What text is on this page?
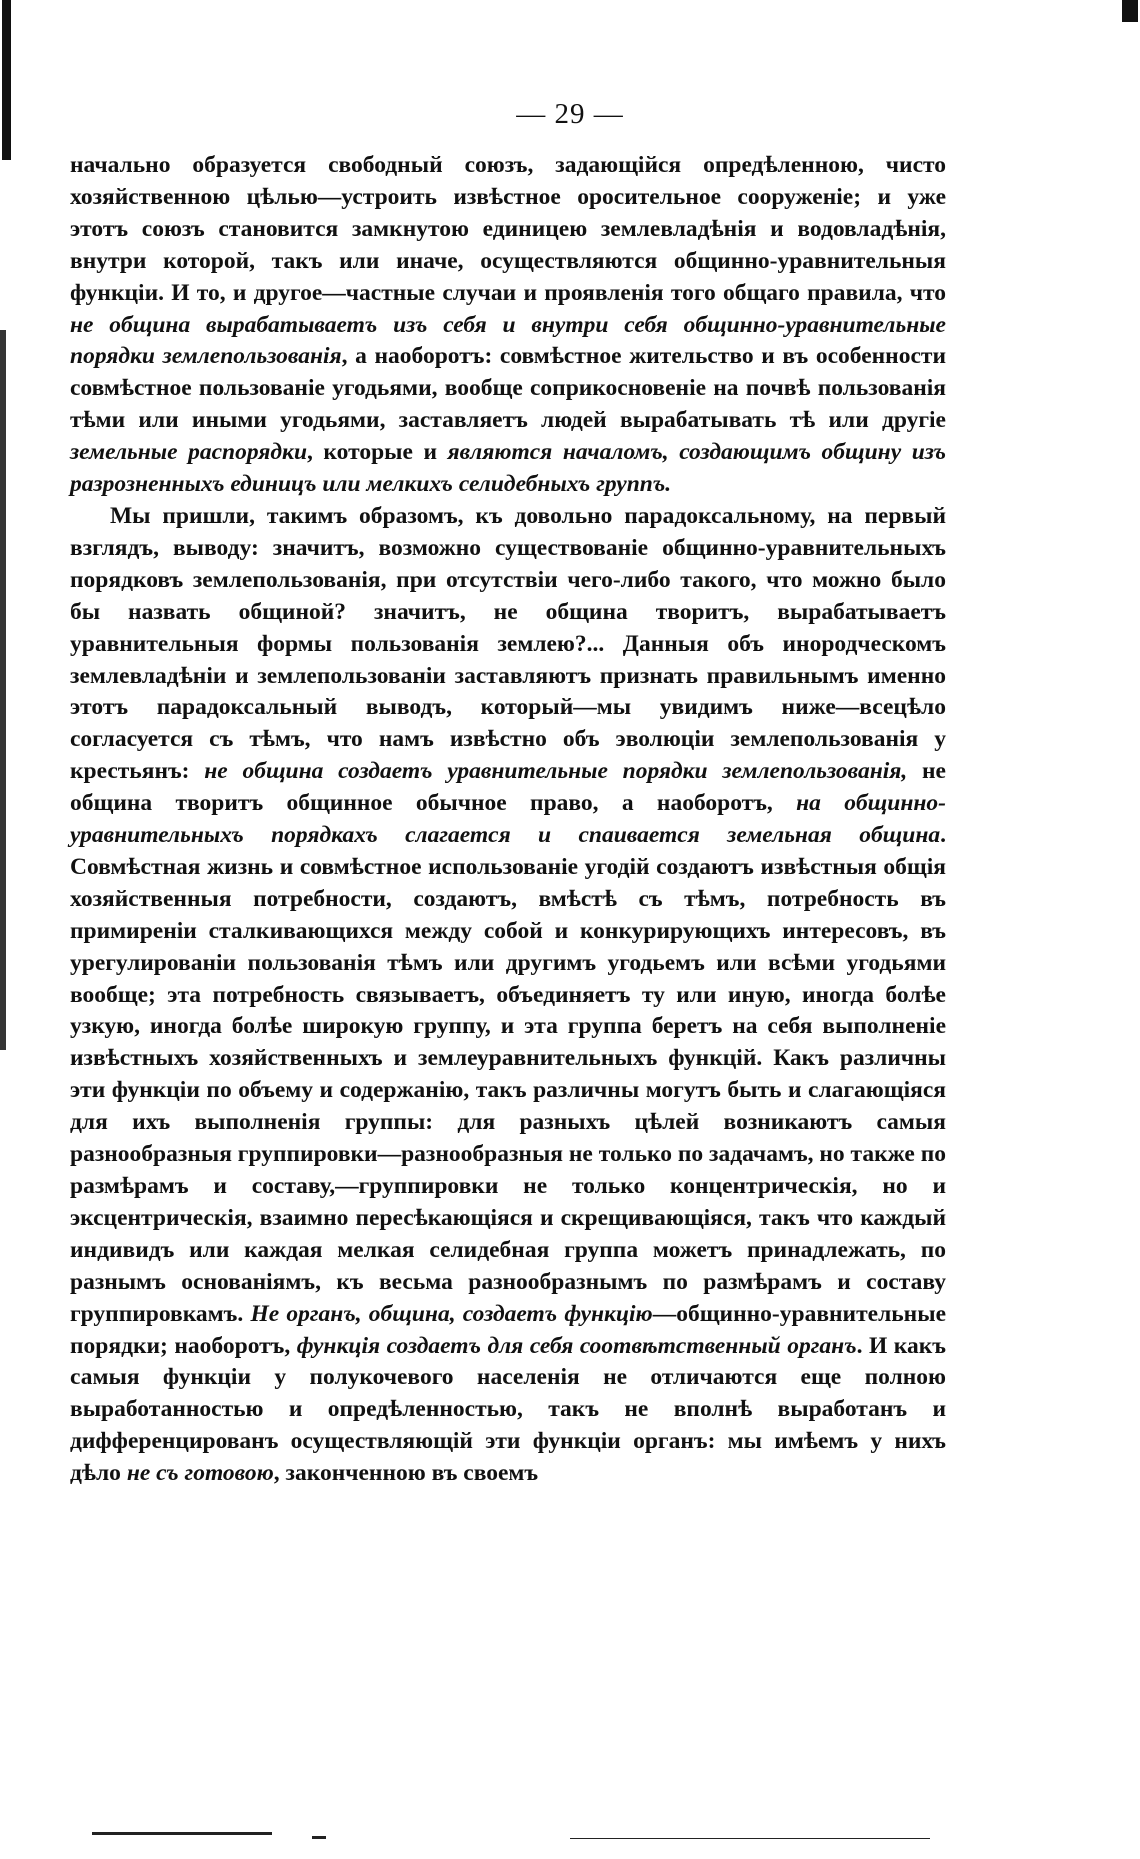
— 29 —

начально образуется свободный союзъ, задающійся опредѣленною, чисто хозяйственною цѣлью—устроить извѣстное оросительное сооруженіе; и уже этотъ союзъ становится замкнутою единицею землевладѣнія и водовладѣнія, внутри которой, такъ или иначе, осуществляются общинно-уравнительныя функціи. И то, и другое—частные случаи и проявленія того общаго правила, что не община вырабатываетъ изъ себя и внутри себя общинно-уравнительные порядки землепользованія, а наоборотъ: совмѣстное жительство и въ особенности совмѣстное пользованіе угодьями, вообще соприкосновеніе на почвѣ пользованія тѣми или иными угодьями, заставляетъ людей вырабатывать тѣ или другіе земельные распорядки, которые и являются началомъ, создающимъ общину изъ разрозненныхъ единицъ или мелкихъ селидебныхъ группъ.

Мы пришли, такимъ образомъ, къ довольно парадоксальному, на первый взглядъ, выводу: значитъ, возможно существованіе общинно-уравнительныхъ порядковъ землепользованія, при отсутствіи чего-либо такого, что можно было бы назвать общиной? значитъ, не община творитъ, вырабатываетъ уравнительныя формы пользованія землею?... Данныя объ инородческомъ землевладѣніи и землепользованіи заставляютъ признать правильнымъ именно этотъ парадоксальный выводъ, который—мы увидимъ ниже—всецѣло согласуется съ тѣмъ, что намъ извѣстно объ эволюціи землепользованія у крестьянъ: не община создаетъ уравнительные порядки землепользованія, не община творитъ общинное обычное право, а наоборотъ, на общинно-уравнительныхъ порядкахъ слагается и спаивается земельная община. Совмѣстная жизнь и совмѣстное использованіе угодій создаютъ извѣстныя общія хозяйственныя потребности, создаютъ, вмѣстѣ съ тѣмъ, потребность въ примиреніи сталкивающихся между собой и конкурирующихъ интересовъ, въ урегулированіи пользованія тѣмъ или другимъ угодьемъ или всѣми угодьями вообще; эта потребность связываетъ, объединяетъ ту или иную, иногда болѣе узкую, иногда болѣе широкую группу, и эта группа беретъ на себя выполненіе извѣстныхъ хозяйственныхъ и землеуравнительныхъ функцій. Какъ различны эти функціи по объему и содержанію, такъ различны могутъ быть и слагающіяся для ихъ выполненія группы: для разныхъ цѣлей возникаютъ самыя разнообразныя группировки—разнообразныя не только по задачамъ, но также по размѣрамъ и составу,—группировки не только концентрическія, но и эксцентрическія, взаимно пересѣкающіяся и скрещивающіяся, такъ что каждый индивидъ или каждая мелкая селидебная группа можетъ принадлежать, по разнымъ основаніямъ, къ весьма разнообразнымъ по размѣрамъ и составу группировкамъ. Не органъ, община, создаетъ функцію—общинно-уравнительные порядки; наоборотъ, функція создаетъ для себя соотвѣтственный органъ. И какъ самыя функціи у полукочевого населенія не отличаются еще полною выработанностью и опредѣленностью, такъ не вполнѣ выработанъ и дифференцированъ осуществляющій эти функціи органъ: мы имѣемъ у нихъ дѣло не съ готовою, законченною въ своемъ
